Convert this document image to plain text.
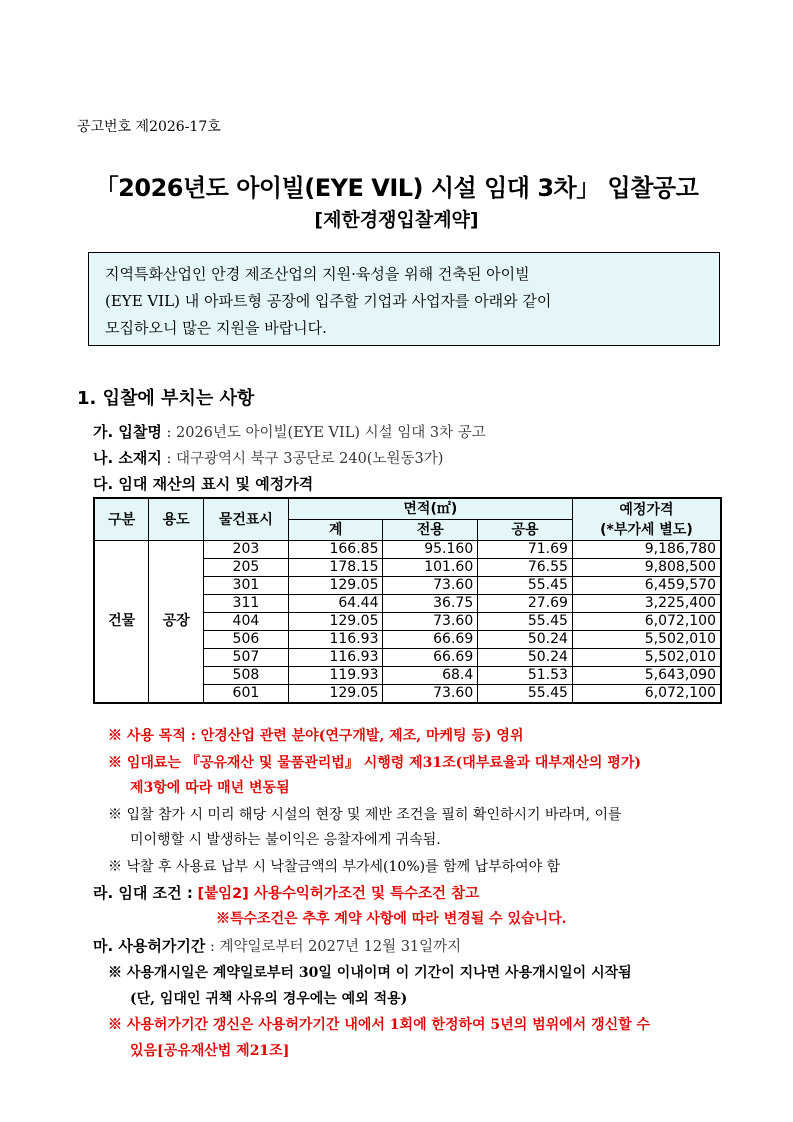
공고번호 제2026-17호
「2026년도 아이빌(EYE VIL) 시설 임대 3차」 입찰공고
[제한경쟁입찰계약]
지역특화산업인 안경 제조산업의 지원·육성을 위해 건축된 아이빌
(EYE VIL) 내 아파트형 공장에 입주할 기업과 사업자를 아래와 같이
모집하오니 많은 지원을 바랍니다.
1. 입찰에 부치는 사항
가. 입찰명 : 2026년도 아이빌(EYE VIL) 시설 임대 3차 공고
나. 소재지 : 대구광역시 북구 3공단로 240(노원동3가)
다. 임대 재산의 표시 및 예정가격
구분	용도	물건표시	면적(㎡)			예정가격
(*부가세 별도)

			계	전용	공용	
건물	공장	203	166.85	95.160	71.69	9,186,780
		205	178.15	101.60	76.55	9,808,500
		301	129.05	73.60	55.45	6,459,570
		311	64.44	36.75	27.69	3,225,400
		404	129.05	73.60	55.45	6,072,100
		506	116.93	66.69	50.24	5,502,010
		507	116.93	66.69	50.24	5,502,010
		508	119.93	68.4	51.53	5,643,090
		601	129.05	73.60	55.45	6,072,100
※ 사용 목적 : 안경산업 관련 분야(연구개발, 제조, 마케팅 등) 영위
※ 임대료는 『공유재산 및 물품관리법』 시행령 제31조(대부료율과 대부재산의 평가)
제3항에 따라 매년 변동됨
※ 입찰 참가 시 미리 해당 시설의 현장 및 제반 조건을 필히 확인하시기 바라며, 이를
미이행할 시 발생하는 불이익은 응찰자에게 귀속됨.
※ 낙찰 후 사용료 납부 시 낙찰금액의 부가세(10%)를 함께 납부하여야 함
라. 임대 조건 : [붙임2] 사용수익허가조건 및 특수조건 참고
※특수조건은 추후 계약 사항에 따라 변경될 수 있습니다.
마. 사용허가기간 : 계약일로부터 2027년 12월 31일까지
※ 사용개시일은 계약일로부터 30일 이내이며 이 기간이 지나면 사용개시일이 시작됨
(단, 임대인 귀책 사유의 경우에는 예외 적용)
※ 사용허가기간 갱신은 사용허가기간 내에서 1회에 한정하여 5년의 범위에서 갱신할 수
있음[공유재산법 제21조]
